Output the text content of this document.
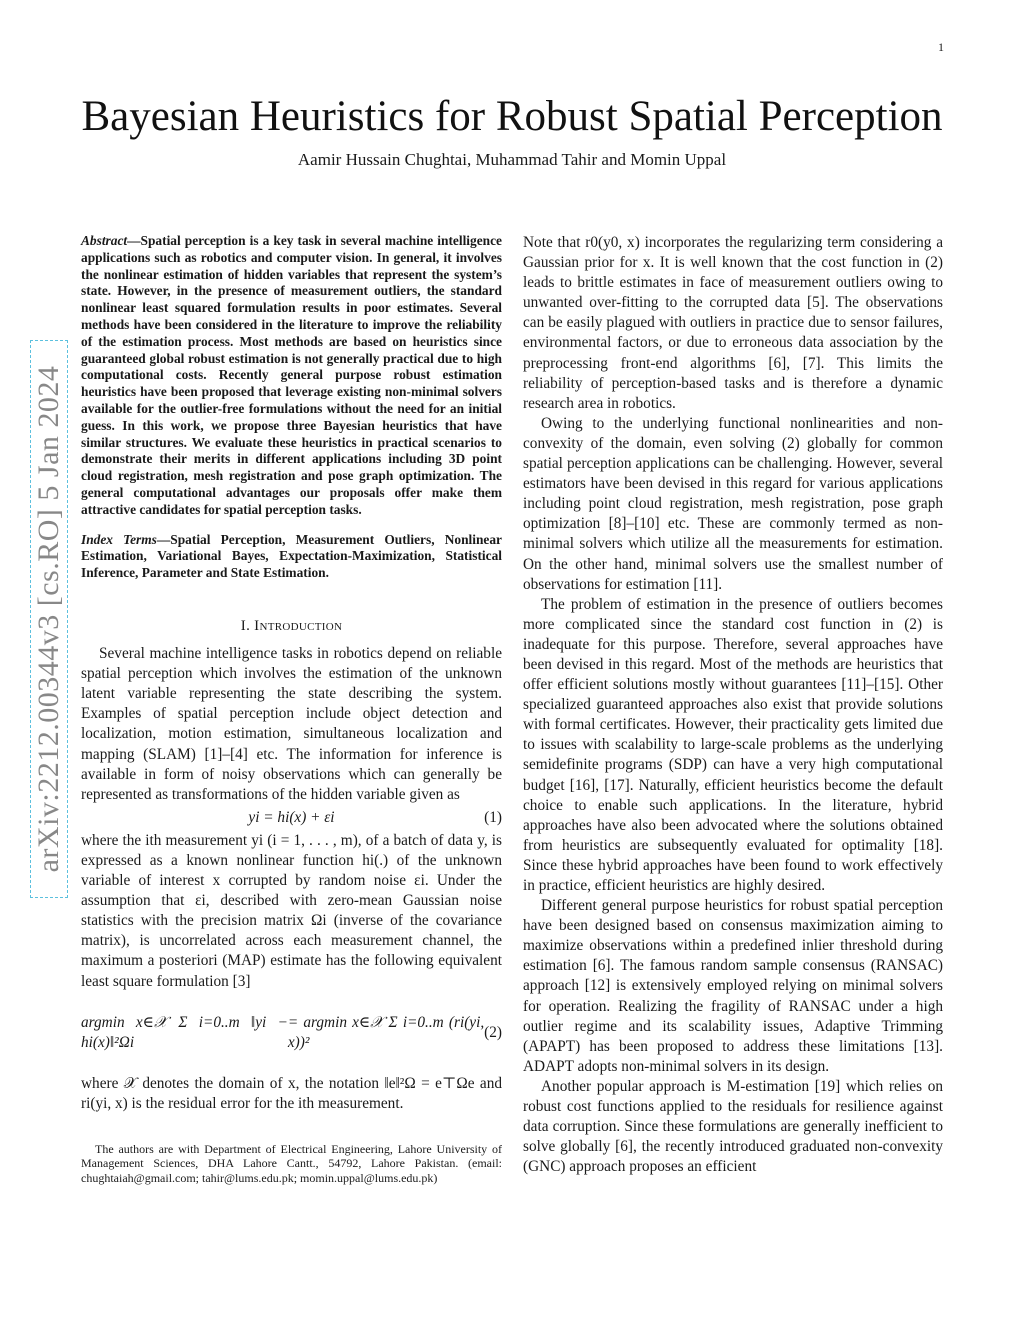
1
arXiv:2212.00344v3 [cs.RO] 5 Jan 2024
Bayesian Heuristics for Robust Spatial Perception
Aamir Hussain Chughtai, Muhammad Tahir and Momin Uppal

Abstract—Spatial perception is a key task in several machine intelligence applications such as robotics and computer vision. In general, it involves the nonlinear estimation of hidden variables that represent the system’s state. However, in the presence of measurement outliers, the standard nonlinear least squared formulation results in poor estimates. Several methods have been considered in the literature to improve the reliability of the estimation process. Most methods are based on heuristics since guaranteed global robust estimation is not generally practical due to high computational costs. Recently general purpose robust estimation heuristics have been proposed that leverage existing non-minimal solvers available for the outlier-free formulations without the need for an initial guess. In this work, we propose three Bayesian heuristics that have similar structures. We evaluate these heuristics in practical scenarios to demonstrate their merits in different applications including 3D point cloud registration, mesh registration and pose graph optimization. The general computational advantages our proposals offer make them attractive candidates for spatial perception tasks.

Index Terms—Spatial Perception, Measurement Outliers, Nonlinear Estimation, Variational Bayes, Expectation-Maximization, Statistical Inference, Parameter and State Estimation.

I. Introduction

Several machine intelligence tasks in robotics depend on reliable spatial perception which involves the estimation of the unknown latent variable representing the state describing the system. Examples of spatial perception include object detection and localization, motion estimation, simultaneous localization and mapping (SLAM) [1]–[4] etc. The information for inference is available in form of noisy observations which can generally be represented as transformations of the hidden variable given as

yi = hi(x) + εi	(1)

where the ith measurement yi (i = 1, . . . , m), of a batch of data y, is expressed as a known nonlinear function hi(.) of the unknown variable of interest x corrupted by random noise εi. Under the assumption that εi, described with zero-mean Gaussian noise statistics with the precision matrix Ωi (inverse of the covariance matrix), is uncorrelated across each measurement channel, the maximum a posteriori (MAP) estimate has the following equivalent least square formulation [3]

argmin x∈𝒳 Σ i=0..m ‖yi − hi(x)‖²Ωi
= argmin x∈𝒳 Σ i=0..m (ri(yi, x))²
(2)

where 𝒳 denotes the domain of x, the notation ‖e‖²Ω = e⊤Ωe and ri(yi, x) is the residual error for the ith measurement.

The authors are with Department of Electrical Engineering, Lahore University of Management Sciences, DHA Lahore Cantt., 54792, Lahore Pakistan. (email: chughtaiah@gmail.com; tahir@lums.edu.pk; momin.uppal@lums.edu.pk)

Note that r0(y0, x) incorporates the regularizing term considering a Gaussian prior for x. It is well known that the cost function in (2) leads to brittle estimates in face of measurement outliers owing to unwanted over-fitting to the corrupted data [5]. The observations can be easily plagued with outliers in practice due to sensor failures, environmental factors, or due to erroneous data association by the preprocessing front-end algorithms [6], [7]. This limits the reliability of perception-based tasks and is therefore a dynamic research area in robotics.

Owing to the underlying functional nonlinearities and non-convexity of the domain, even solving (2) globally for common spatial perception applications can be challenging. However, several estimators have been devised in this regard for various applications including point cloud registration, mesh registration, pose graph optimization [8]–[10] etc. These are commonly termed as non-minimal solvers which utilize all the measurements for estimation. On the other hand, minimal solvers use the smallest number of observations for estimation [11].

The problem of estimation in the presence of outliers becomes more complicated since the standard cost function in (2) is inadequate for this purpose. Therefore, several approaches have been devised in this regard. Most of the methods are heuristics that offer efficient solutions mostly without guarantees [11]–[15]. Other specialized guaranteed approaches also exist that provide solutions with formal certificates. However, their practicality gets limited due to issues with scalability to large-scale problems as the underlying semidefinite programs (SDP) can have a very high computational budget [16], [17]. Naturally, efficient heuristics become the default choice to enable such applications. In the literature, hybrid approaches have also been advocated where the solutions obtained from heuristics are subsequently evaluated for optimality [18]. Since these hybrid approaches have been found to work effectively in practice, efficient heuristics are highly desired.

Different general purpose heuristics for robust spatial perception have been designed based on consensus maximization aiming to maximize observations within a predefined inlier threshold during estimation [6]. The famous random sample consensus (RANSAC) approach [12] is extensively employed relying on minimal solvers for operation. Realizing the fragility of RANSAC under a high outlier regime and its scalability issues, Adaptive Trimming (APAPT) has been proposed to address these limitations [13]. ADAPT adopts non-minimal solvers in its design.

Another popular approach is M-estimation [19] which relies on robust cost functions applied to the residuals for resilience against data corruption. Since these formulations are generally inefficient to solve globally [6], the recently introduced graduated non-convexity (GNC) approach proposes an efficient
